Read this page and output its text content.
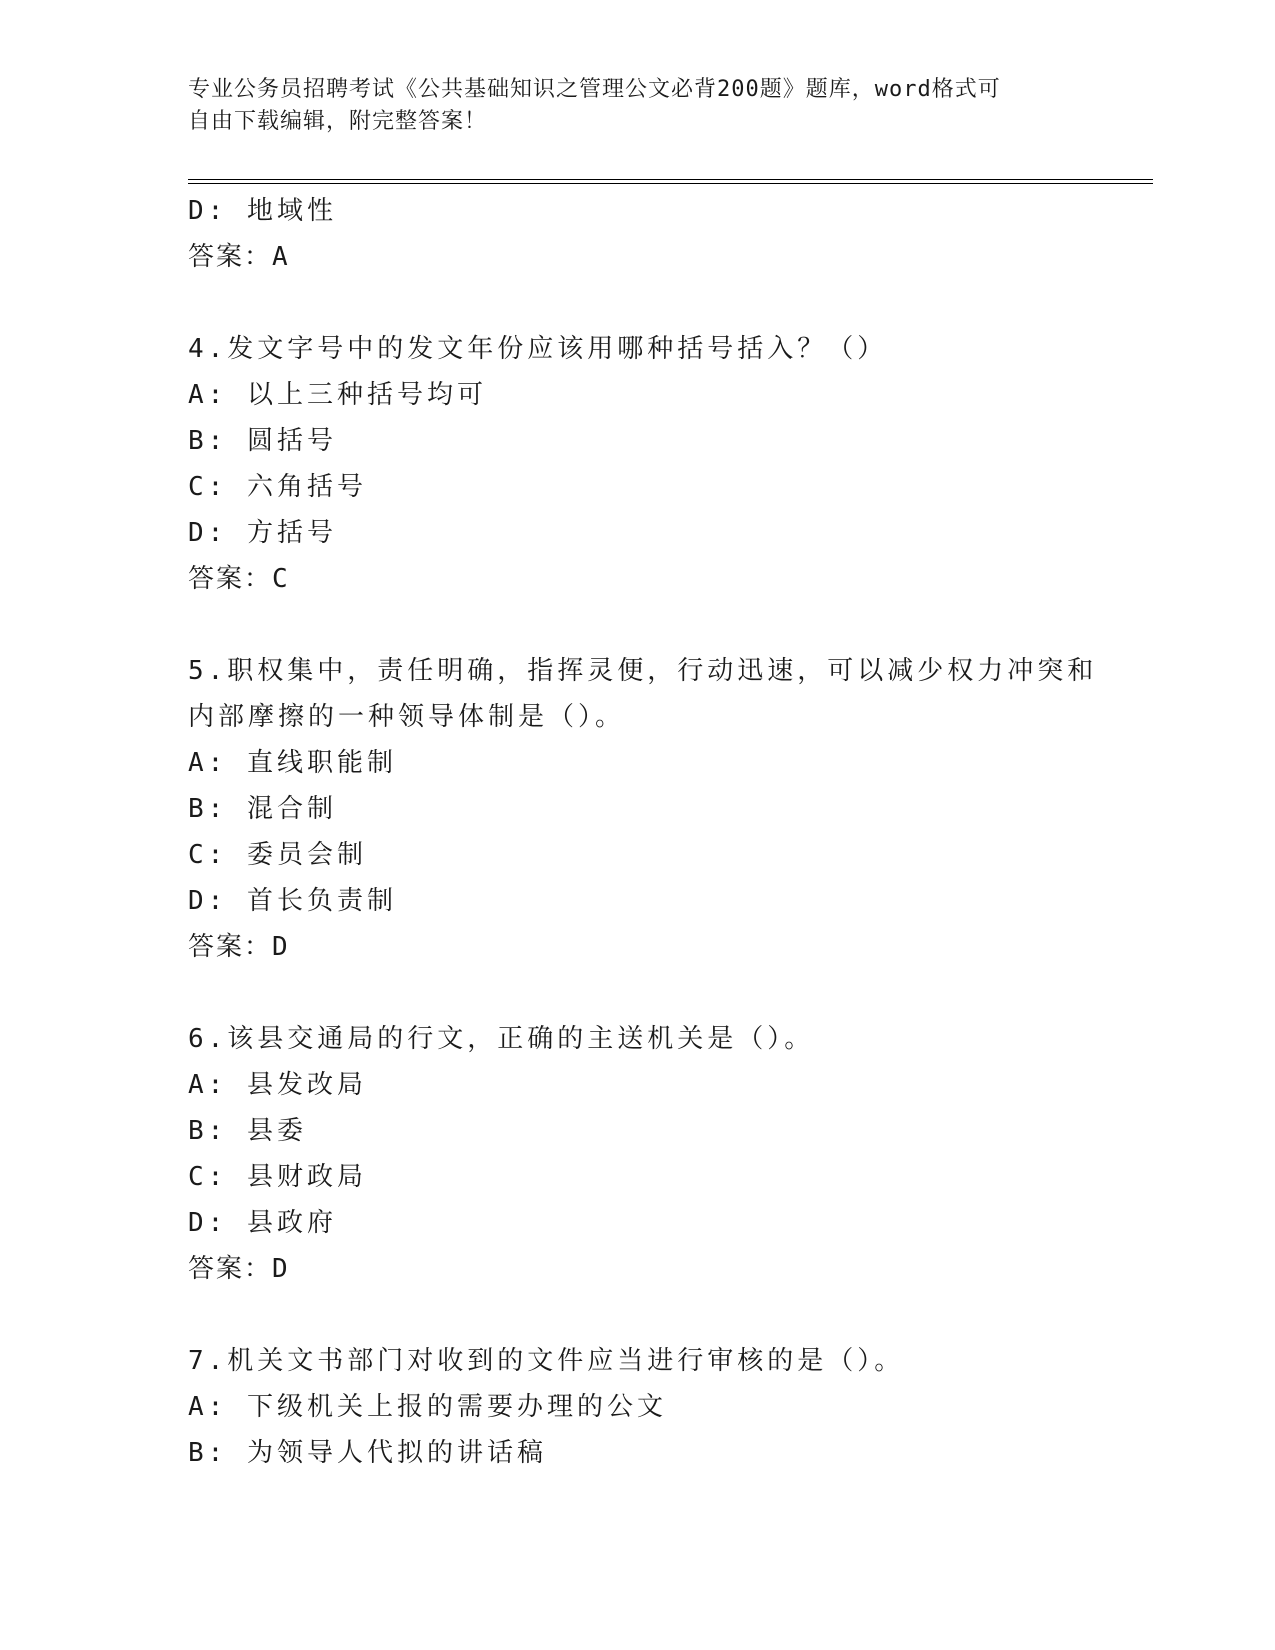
专业公务员招聘考试《公共基础知识之管理公文必背200题》题库，word格式可
自由下载编辑，附完整答案！
D: 地域性
答案：A
4.发文字号中的发文年份应该用哪种括号括入？（）
A: 以上三种括号均可
B: 圆括号
C: 六角括号
D: 方括号
答案：C
5.职权集中，责任明确，指挥灵便，行动迅速，可以减少权力冲突和
内部摩擦的一种领导体制是（）。
A: 直线职能制
B: 混合制
C: 委员会制
D: 首长负责制
答案：D
6.该县交通局的行文，正确的主送机关是（）。
A: 县发改局
B: 县委
C: 县财政局
D: 县政府
答案：D
7.机关文书部门对收到的文件应当进行审核的是（）。
A: 下级机关上报的需要办理的公文
B: 为领导人代拟的讲话稿
